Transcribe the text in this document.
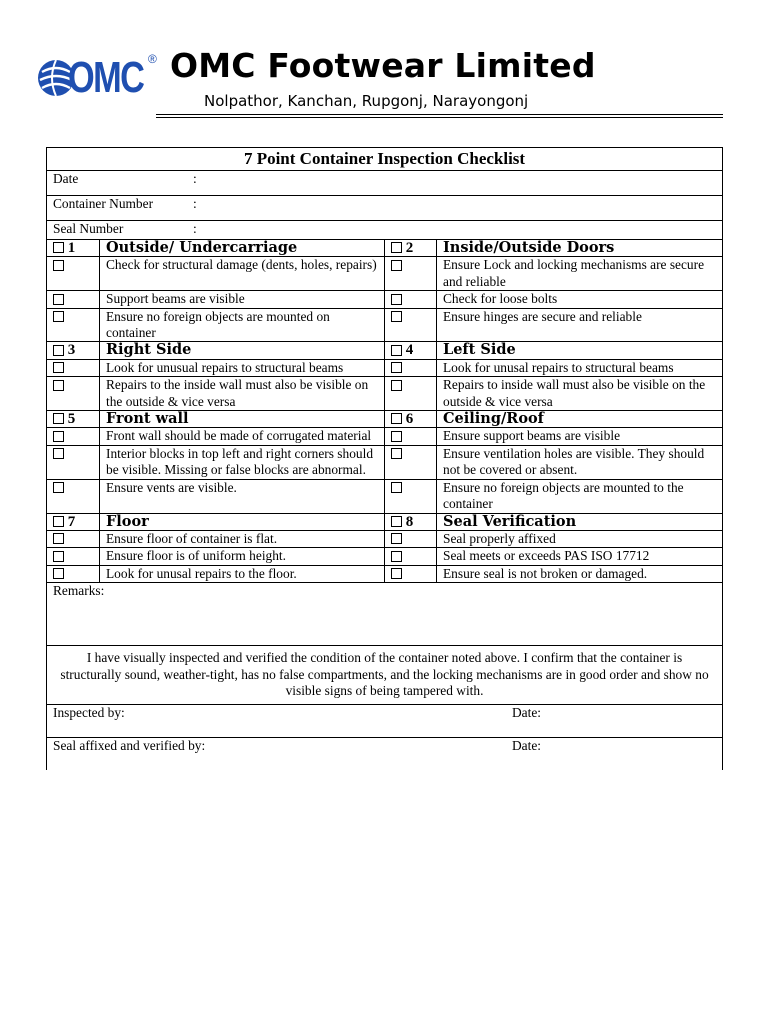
OMC ® OMC Footwear Limited
Nolpathor, Kanchan, Rupgonj, Narayongonj
7 Point Container Inspection Checklist			
Date :			
Container Number :			
Seal Number :			
1	Outside/ Undercarriage	2	Inside/Outside Doors
	Check for structural damage (dents, holes, repairs)		Ensure Lock and locking mechanisms are secure and reliable
	Support beams are visible		Check for loose bolts
	Ensure no foreign objects are mounted on container		Ensure hinges are secure and reliable
3	Right Side	4	Left Side
	Look for unusual repairs to structural beams		Look for unusal repairs to structural beams
	Repairs to the inside wall must also be visible on the outside & vice versa		Repairs to inside wall must also be visible on the outside & vice versa
5	Front wall	6	Ceiling/Roof
	Front wall should be made of corrugated material		Ensure support beams are visible
	Interior blocks in top left and right corners should be visible. Missing or false blocks are abnormal.		Ensure ventilation holes are visible. They should not be covered or absent.
	Ensure vents are visible.		Ensure no foreign objects are mounted to the container
7	Floor	8	Seal Verification
	Ensure floor of container is flat.		Seal properly affixed
	Ensure floor is of uniform height.		Seal meets or exceeds PAS ISO 17712
	Look for unusal repairs to the floor.		Ensure seal is not broken or damaged.
Remarks:			
I have visually inspected and verified the condition of the container noted above. I confirm that the container is structurally sound, weather-tight, has no false compartments, and the locking mechanisms are in good order and show no visible signs of being tampered with.			
Inspected by: Date:			

Seal affixed and verified by: Date:			
